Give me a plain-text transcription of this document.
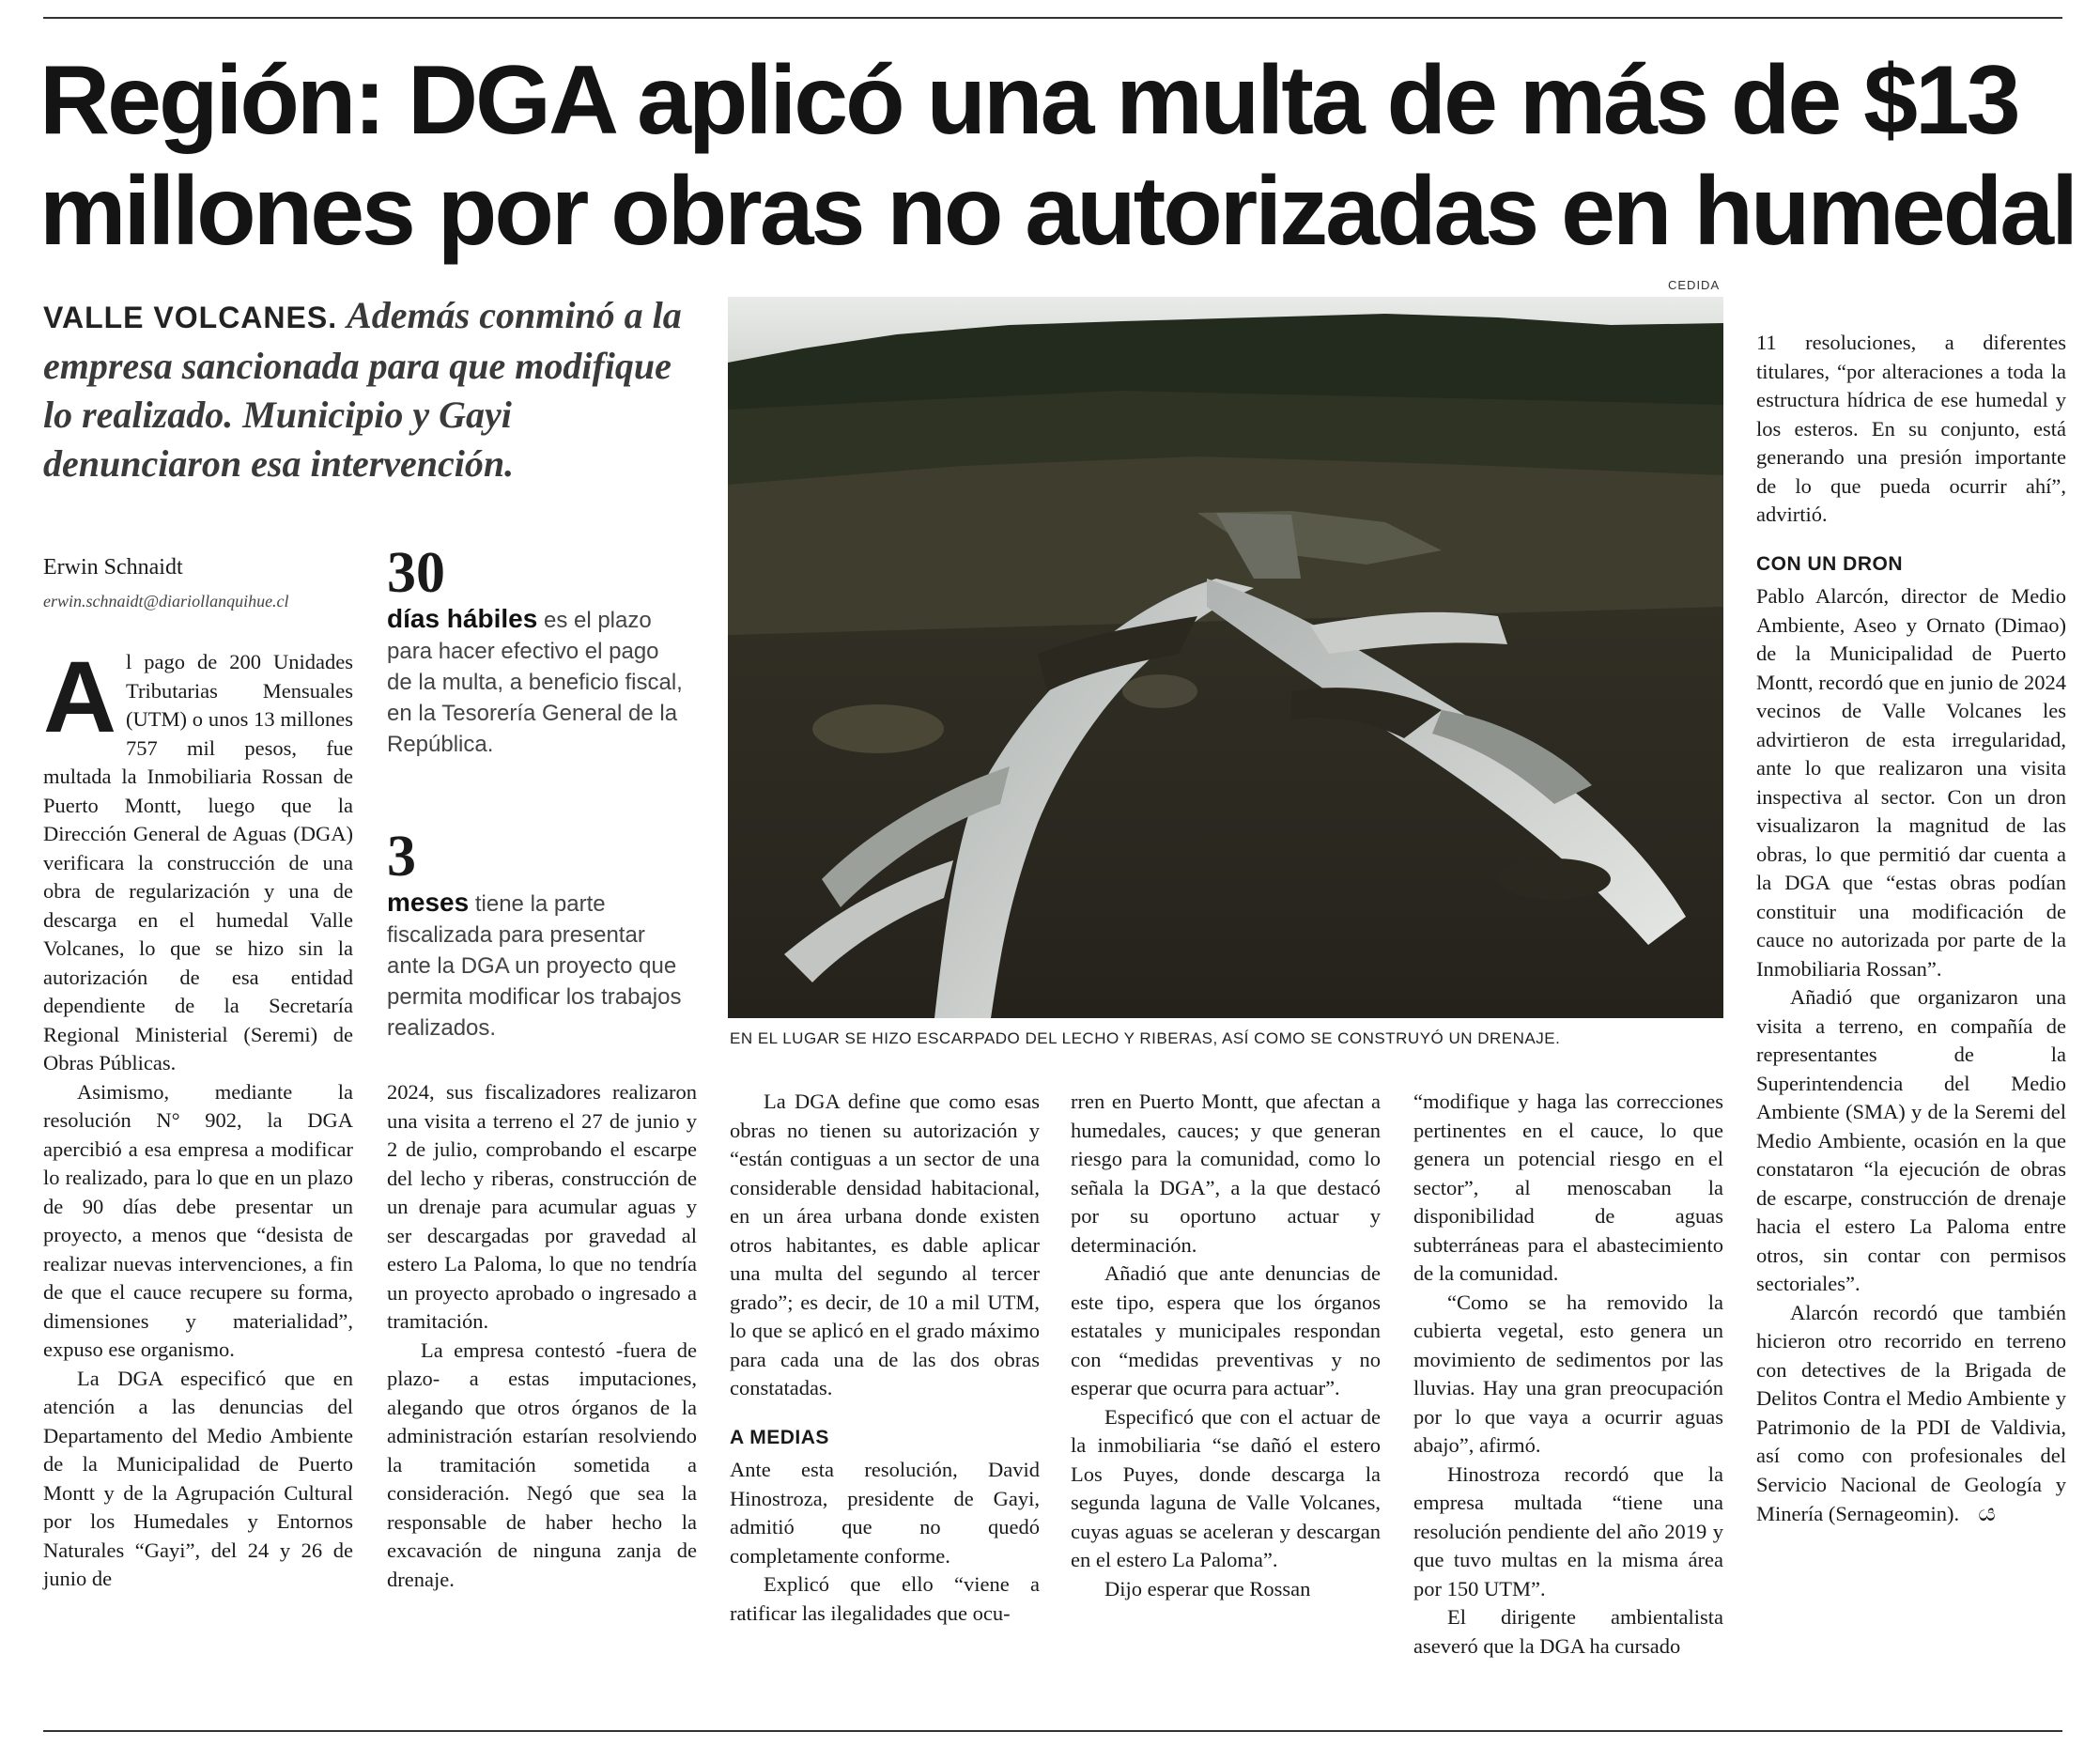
Región: DGA aplicó una multa de más de $13
millones por obras no autorizadas en humedal
VALLE VOLCANES. Además conminó a la empresa sancionada para que modifique lo realizado. Municipio y Gayi denunciaron esa intervención.
Erwin Schnaidt
erwin.schnaidt@diariollanquihue.cl	30
días hábiles es el plazo para hacer efectivo el pago de la multa, a beneficio fiscal, en la Tesorería General de la República.
3
meses tiene la parte fiscalizada para presentar ante la DGA un proyecto que permita modificar los trabajos realizados.
CEDIDA
EN EL LUGAR SE HIZO ESCARPADO DEL LECHO Y RIBERAS, ASÍ COMO SE CONSTRUYÓ UN DRENAJE.

Al pago de 200 Unidades Tributarias Mensuales (UTM) o unos 13 millones 757 mil pesos, fue multada la Inmobiliaria Rossan de Puerto Montt, luego que la Dirección General de Aguas (DGA) verificara la construcción de una obra de regularización y una de descarga en el humedal Valle Volcanes, lo que se hizo sin la autorización de esa entidad dependiente de la Secretaría Regional Ministerial (Seremi) de Obras Públicas.

Asimismo, mediante la resolución N° 902, la DGA apercibió a esa empresa a modificar lo realizado, para lo que en un plazo de 90 días debe presentar un proyecto, a menos que “desista de realizar nuevas intervenciones, a fin de que el cauce recupere su forma, dimensiones y materialidad”, expuso ese organismo.

La DGA especificó que en atención a las denuncias del Departamento del Medio Ambiente de la Municipalidad de Puerto Montt y de la Agrupación Cultural por los Humedales y Entornos Naturales “Gayi”, del 24 y 26 de junio de

2024, sus fiscalizadores realizaron una visita a terreno el 27 de junio y 2 de julio, comprobando el escarpe del lecho y riberas, construcción de un drenaje para acumular aguas y ser descargadas por gravedad al estero La Paloma, lo que no tendría un proyecto aprobado o ingresado a tramitación.

La empresa contestó -fuera de plazo- a estas imputaciones, alegando que otros órganos de la administración estarían resolviendo la tramitación sometida a consideración. Negó que sea la responsable de haber hecho la excavación de ninguna zanja de drenaje.

La DGA define que como esas obras no tienen su autorización y “están contiguas a un sector de una considerable densidad habitacional, en un área urbana donde existen otros habitantes, es dable aplicar una multa del segundo al tercer grado”; es decir, de 10 a mil UTM, lo que se aplicó en el grado máximo para cada una de las dos obras constatadas.

A MEDIAS

Ante esta resolución, David Hinostroza, presidente de Gayi, admitió que no quedó completamente conforme.

Explicó que ello “viene a ratificar las ilegalidades que ocu-

rren en Puerto Montt, que afectan a humedales, cauces; y que generan riesgo para la comunidad, como lo señala la DGA”, a la que destacó por su oportuno actuar y determinación.

Añadió que ante denuncias de este tipo, espera que los órganos estatales y municipales respondan con “medidas preventivas y no esperar que ocurra para actuar”.

Especificó que con el actuar de la inmobiliaria “se dañó el estero Los Puyes, donde descarga la segunda laguna de Valle Volcanes, cuyas aguas se aceleran y descargan en el estero La Paloma”.

Dijo esperar que Rossan

“modifique y haga las correcciones pertinentes en el cauce, lo que genera un potencial riesgo en el sector”, al menoscaban la disponibilidad de aguas subterráneas para el abastecimiento de la comunidad.

“Como se ha removido la cubierta vegetal, esto genera un movimiento de sedimentos por las lluvias. Hay una gran preocupación por lo que vaya a ocurrir aguas abajo”, afirmó.

Hinostroza recordó que la empresa multada “tiene una resolución pendiente del año 2019 y que tuvo multas en la misma área por 150 UTM”.

El dirigente ambientalista aseveró que la DGA ha cursado

11 resoluciones, a diferentes titulares, “por alteraciones a toda la estructura hídrica de ese humedal y los esteros. En su conjunto, está generando una presión importante de lo que pueda ocurrir ahí”, advirtió.

CON UN DRON

Pablo Alarcón, director de Medio Ambiente, Aseo y Ornato (Dimao) de la Municipalidad de Puerto Montt, recordó que en junio de 2024 vecinos de Valle Volcanes les advirtieron de esta irregularidad, ante lo que realizaron una visita inspectiva al sector. Con un dron visualizaron la magnitud de las obras, lo que permitió dar cuenta a la DGA que “estas obras podían constituir una modificación de cauce no autorizada por parte de la Inmobiliaria Rossan”.

Añadió que organizaron una visita a terreno, en compañía de representantes de la Superintendencia del Medio Ambiente (SMA) y de la Seremi del Medio Ambiente, ocasión en la que constataron “la ejecución de obras de escarpe, construcción de drenaje hacia el estero La Paloma entre otros, sin contar con permisos sectoriales”.

Alarcón recordó que también hicieron otro recorrido en terreno con detectives de la Brigada de Delitos Contra el Medio Ambiente y Patrimonio de la PDI de Valdivia, así como con profesionales del Servicio Nacional de Geología y Minería (Sernageomin). ය
